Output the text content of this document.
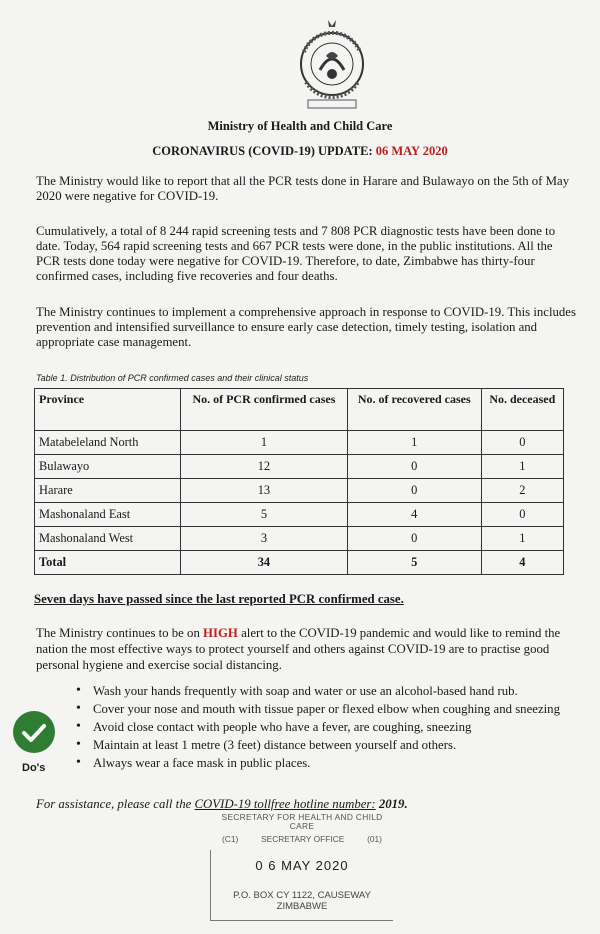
Ministry of Health and Child Care
CORONAVIRUS (COVID-19) UPDATE: 06 MAY 2020
The Ministry would like to report that all the PCR tests done in Harare and Bulawayo on the 5th of May 2020 were negative for COVID-19.
Cumulatively, a total of 8 244 rapid screening tests and 7 808 PCR diagnostic tests have been done to date. Today, 564 rapid screening tests and 667 PCR tests were done, in the public institutions. All the PCR tests done today were negative for COVID-19. Therefore, to date, Zimbabwe has thirty-four confirmed cases, including five recoveries and four deaths.
The Ministry continues to implement a comprehensive approach in response to COVID-19. This includes prevention and intensified surveillance to ensure early case detection, timely testing, isolation and appropriate case management.
Table 1. Distribution of PCR confirmed cases and their clinical status
Province	No. of PCR confirmed cases	No. of recovered cases	No. deceased
Matabeleland North	1	1	0
Bulawayo	12	0	1
Harare	13	0	2
Mashonaland East	5	4	0
Mashonaland West	3	0	1
Total	34	5	4
Seven days have passed since the last reported PCR confirmed case.
The Ministry continues to be on HIGH alert to the COVID-19 pandemic and would like to remind the nation the most effective ways to protect yourself and others against COVID-19 are to practise good personal hygiene and exercise social distancing.
Do's
• Wash your hands frequently with soap and water or use an alcohol-based hand rub.
• Cover your nose and mouth with tissue paper or flexed elbow when coughing and sneezing
• Avoid close contact with people who have a fever, are coughing, sneezing
• Maintain at least 1 metre (3 feet) distance between yourself and others.
• Always wear a face mask in public places.
For assistance, please call the COVID-19 tollfree hotline number: 2019.
SECRETARY FOR HEALTH AND CHILD CARE
(C1)	SECRETARY OFFICE	(01)
0 6 MAY 2020
P.O. BOX CY 1122, CAUSEWAY
ZIMBABWE
